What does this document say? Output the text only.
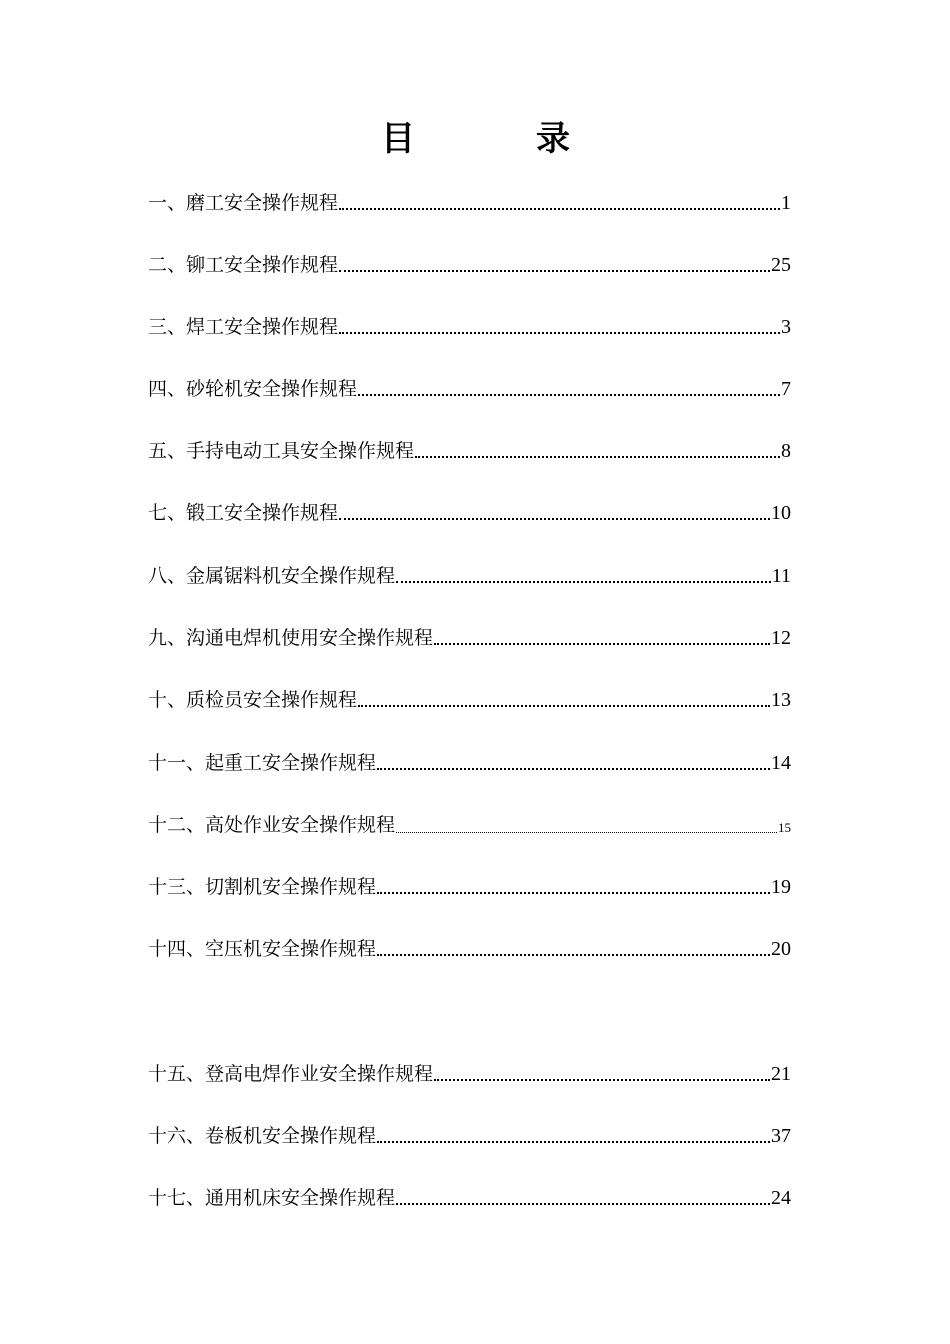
目	录
一、磨工安全操作规程	1
二、铆工安全操作规程	25
三、焊工安全操作规程	3
四、砂轮机安全操作规程	7
五、手持电动工具安全操作规程	8
七、锻工安全操作规程	10
八、金属锯料机安全操作规程	11
九、沟通电焊机使用安全操作规程	12
十、质检员安全操作规程	13
十一、起重工安全操作规程	14
十二、高处作业安全操作规程	15
十三、切割机安全操作规程	19
十四、空压机安全操作规程	20
十五、登高电焊作业安全操作规程	21
十六、卷板机安全操作规程	37
十七、通用机床安全操作规程	24
